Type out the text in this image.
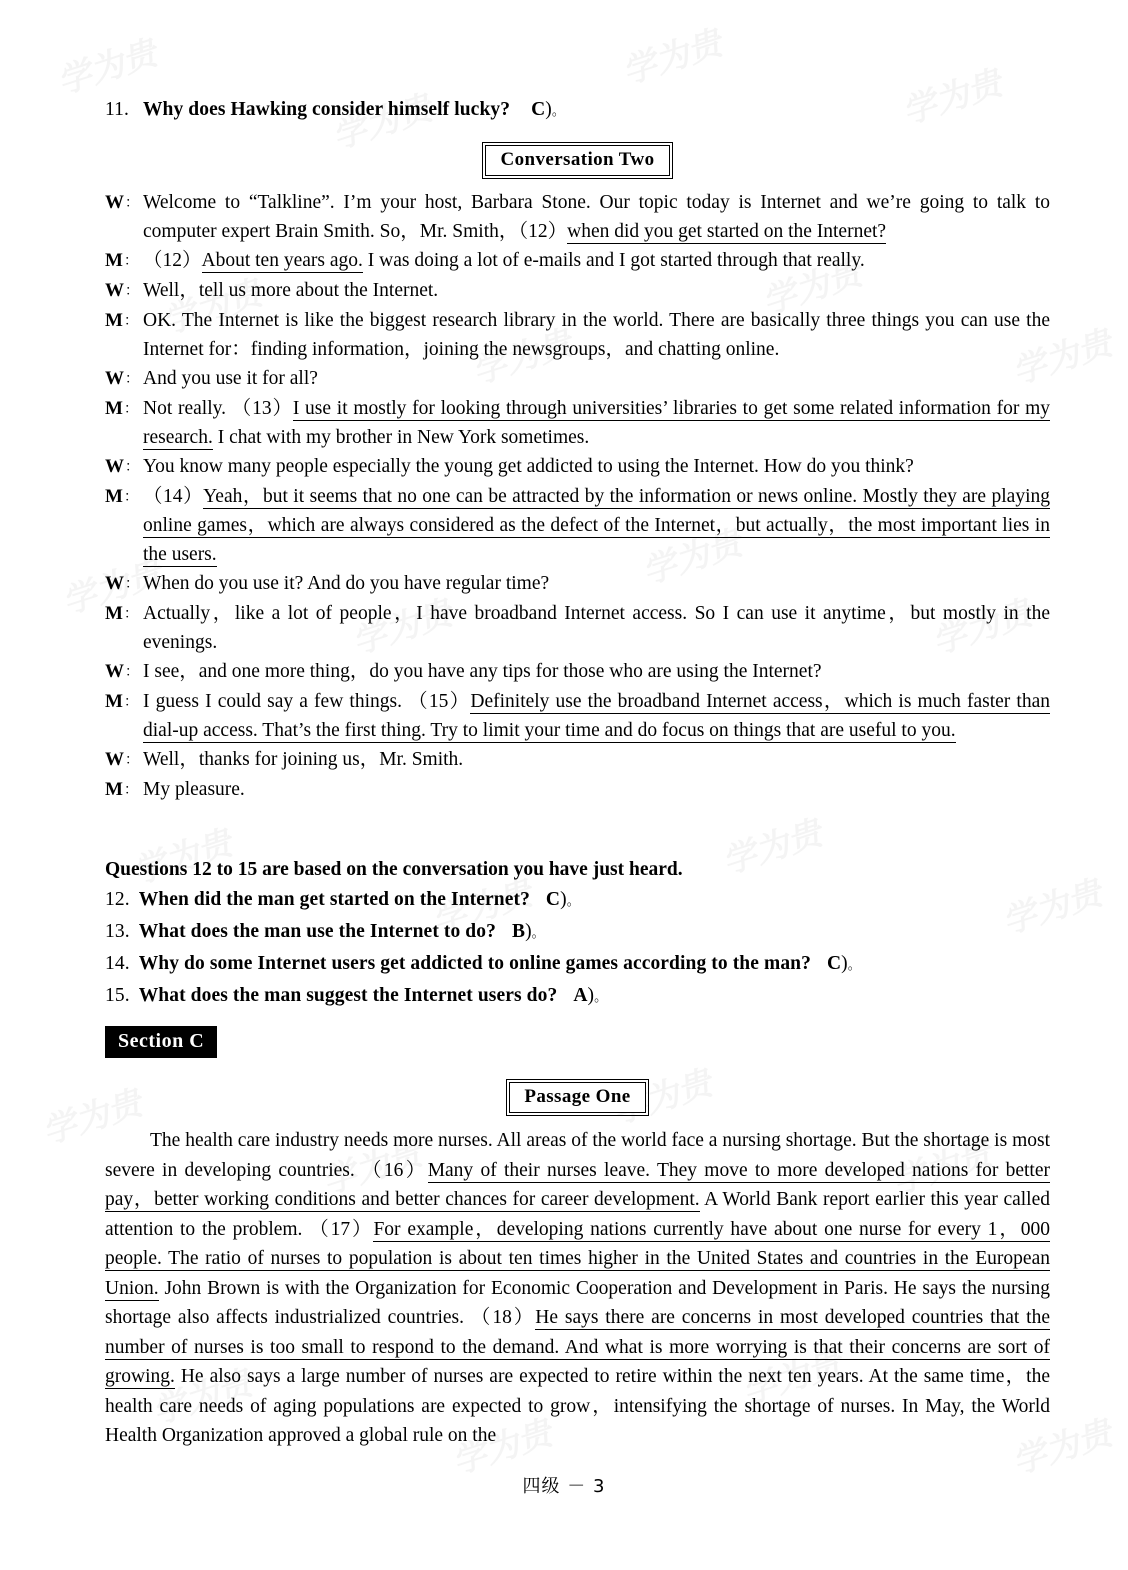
11. Why does Hawking consider himself lucky? C)。
Conversation Two
W： Welcome to “Talkline”. I’m your host, Barbara Stone. Our topic today is Internet and we’re going to talk to computer expert Brain Smith. So，Mr. Smith，（12）when did you get started on the Internet?
M： （12）About ten years ago. I was doing a lot of e-mails and I got started through that really.
W： Well，tell us more about the Internet.
M： OK. The Internet is like the biggest research library in the world. There are basically three things you can use the Internet for：finding information，joining the newsgroups，and chatting online.
W： And you use it for all?
M： Not really. （13）I use it mostly for looking through universities’ libraries to get some related information for my research. I chat with my brother in New York sometimes.
W： You know many people especially the young get addicted to using the Internet. How do you think?
M： （14）Yeah，but it seems that no one can be attracted by the information or news online. Mostly they are playing online games，which are always considered as the defect of the Internet，but actually，the most important lies in the users.
W： When do you use it? And do you have regular time?
M： Actually，like a lot of people，I have broadband Internet access. So I can use it anytime，but mostly in the evenings.
W： I see，and one more thing，do you have any tips for those who are using the Internet?
M： I guess I could say a few things. （15）Definitely use the broadband Internet access，which is much faster than dial-up access. That’s the first thing. Try to limit your time and do focus on things that are useful to you.
W： Well，thanks for joining us，Mr. Smith.
M： My pleasure.
Questions 12 to 15 are based on the conversation you have just heard.
12. When did the man get started on the Internet? C)。
13. What does the man use the Internet to do? B)。
14. Why do some Internet users get addicted to online games according to the man? C)。
15. What does the man suggest the Internet users do? A)。
Section C
Passage One
The health care industry needs more nurses. All areas of the world face a nursing shortage. But the shortage is most severe in developing countries. （16）Many of their nurses leave. They move to more developed nations for better pay，better working conditions and better chances for career development. A World Bank report earlier this year called attention to the problem. （17）For example，developing nations currently have about one nurse for every 1，000 people. The ratio of nurses to population is about ten times higher in the United States and countries in the European Union. John Brown is with the Organization for Economic Cooperation and Development in Paris. He says the nursing shortage also affects industrialized countries. （18）He says there are concerns in most developed countries that the number of nurses is too small to respond to the demand. And what is more worrying is that their concerns are sort of growing. He also says a large number of nurses are expected to retire within the next ten years. At the same time，the health care needs of aging populations are expected to grow，intensifying the shortage of nurses. In May, the World Health Organization approved a global rule on the
四级 － 3
